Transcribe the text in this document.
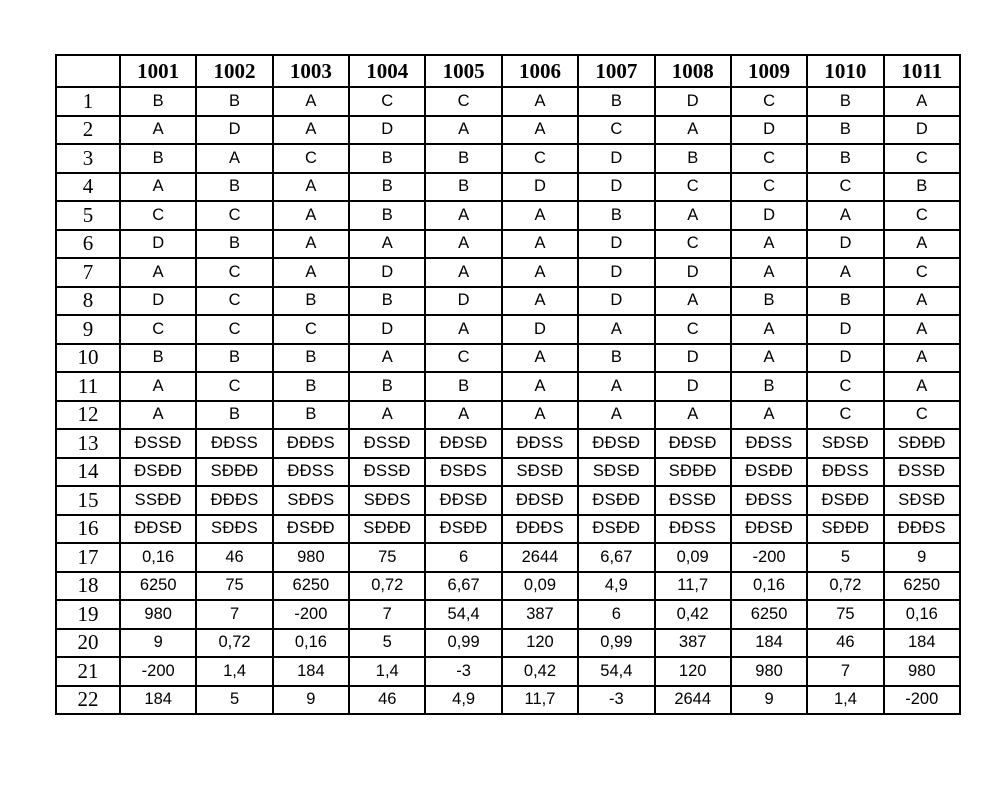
	1001	1002	1003	1004	1005	1006	1007	1008	1009	1010	1011
1	B	B	A	C	C	A	B	D	C	B	A
2	A	D	A	D	A	A	C	A	D	B	D
3	B	A	C	B	B	C	D	B	C	B	C
4	A	B	A	B	B	D	D	C	C	C	B
5	C	C	A	B	A	A	B	A	D	A	C
6	D	B	A	A	A	A	D	C	A	D	A
7	A	C	A	D	A	A	D	D	A	A	C
8	D	C	B	B	D	A	D	A	B	B	A
9	C	C	C	D	A	D	A	C	A	D	A
10	B	B	B	A	C	A	B	D	A	D	A
11	A	C	B	B	B	A	A	D	B	C	A
12	A	B	B	A	A	A	A	A	A	C	C
13	ĐSSĐ	ĐĐSS	ĐĐĐS	ĐSSĐ	ĐĐSĐ	ĐĐSS	ĐĐSĐ	ĐĐSĐ	ĐĐSS	SĐSĐ	SĐĐĐ
14	ĐSĐĐ	SĐĐĐ	ĐĐSS	ĐSSĐ	ĐSĐS	SĐSĐ	SĐSĐ	SĐĐĐ	ĐSĐĐ	ĐĐSS	ĐSSĐ
15	SSĐĐ	ĐĐĐS	SĐĐS	SĐĐS	ĐĐSĐ	ĐĐSĐ	ĐSĐĐ	ĐSSĐ	ĐĐSS	ĐSĐĐ	SĐSĐ
16	ĐĐSĐ	SĐĐS	ĐSĐĐ	SĐĐĐ	ĐSĐĐ	ĐĐĐS	ĐSĐĐ	ĐĐSS	ĐĐSĐ	SĐĐĐ	ĐĐĐS
17	0,16	46	980	75	6	2644	6,67	0,09	-200	5	9
18	6250	75	6250	0,72	6,67	0,09	4,9	11,7	0,16	0,72	6250
19	980	7	-200	7	54,4	387	6	0,42	6250	75	0,16
20	9	0,72	0,16	5	0,99	120	0,99	387	184	46	184
21	-200	1,4	184	1,4	-3	0,42	54,4	120	980	7	980
22	184	5	9	46	4,9	11,7	-3	2644	9	1,4	-200
